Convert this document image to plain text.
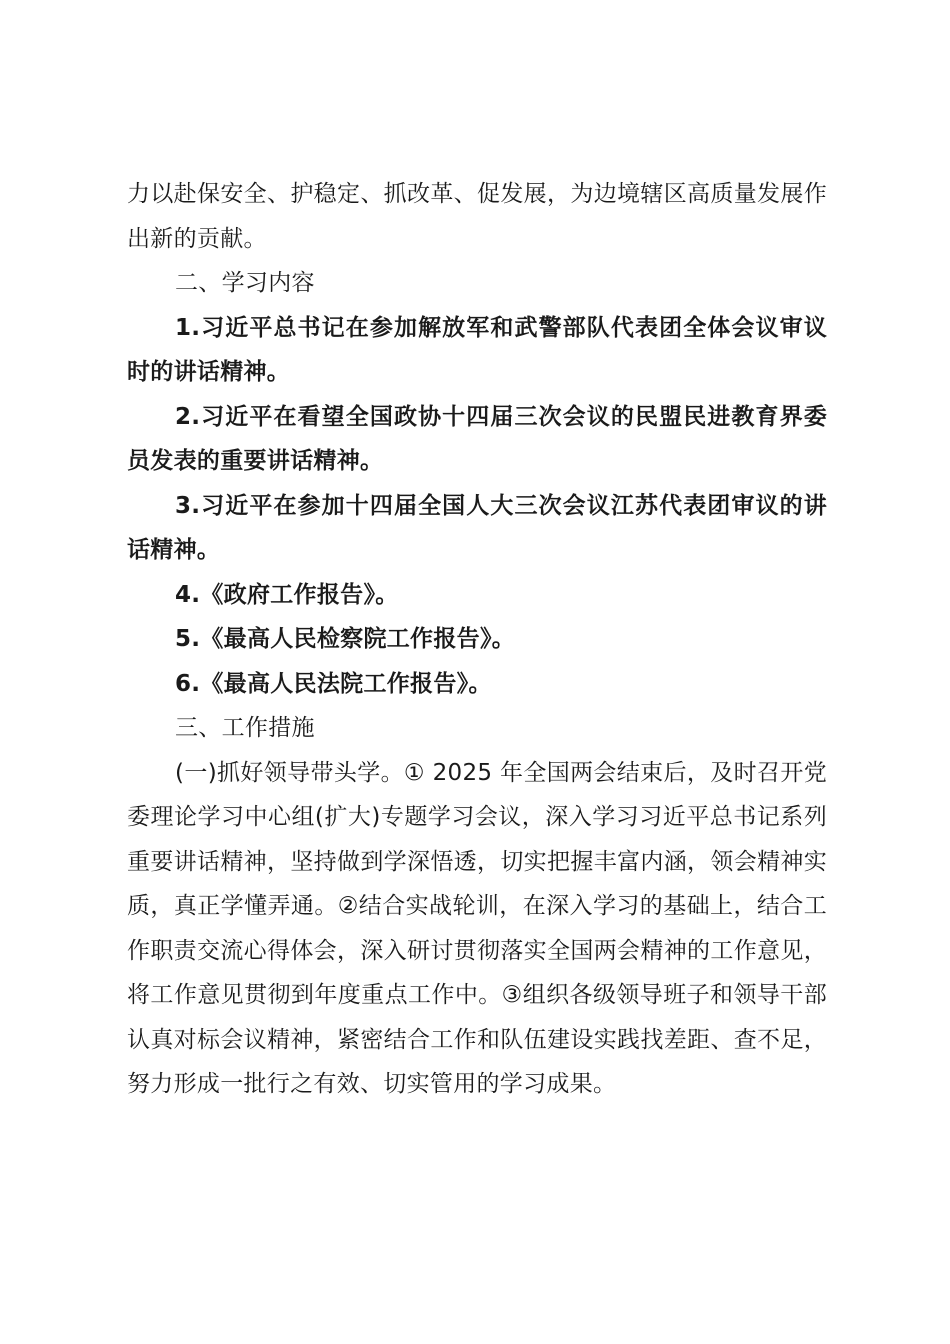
力以赴保安全、护稳定、抓改革、促发展，为边境辖区高质量发展作出新的贡献。

二、学习内容

1.习近平总书记在参加解放军和武警部队代表团全体会议审议时的讲话精神。

2.习近平在看望全国政协十四届三次会议的民盟民进教育界委员发表的重要讲话精神。

3.习近平在参加十四届全国人大三次会议江苏代表团审议的讲话精神。

4.《政府工作报告》。

5.《最高人民检察院工作报告》。

6.《最高人民法院工作报告》。

三、工作措施

(一)抓好领导带头学。① 2025 年全国两会结束后，及时召开党委理论学习中心组(扩大)专题学习会议，深入学习习近平总书记系列重要讲话精神，坚持做到学深悟透，切实把握丰富内涵，领会精神实质，真正学懂弄通。②结合实战轮训，在深入学习的基础上，结合工作职责交流心得体会，深入研讨贯彻落实全国两会精神的工作意见，将工作意见贯彻到年度重点工作中。③组织各级领导班子和领导干部认真对标会议精神，紧密结合工作和队伍建设实践找差距、查不足，努力形成一批行之有效、切实管用的学习成果。
